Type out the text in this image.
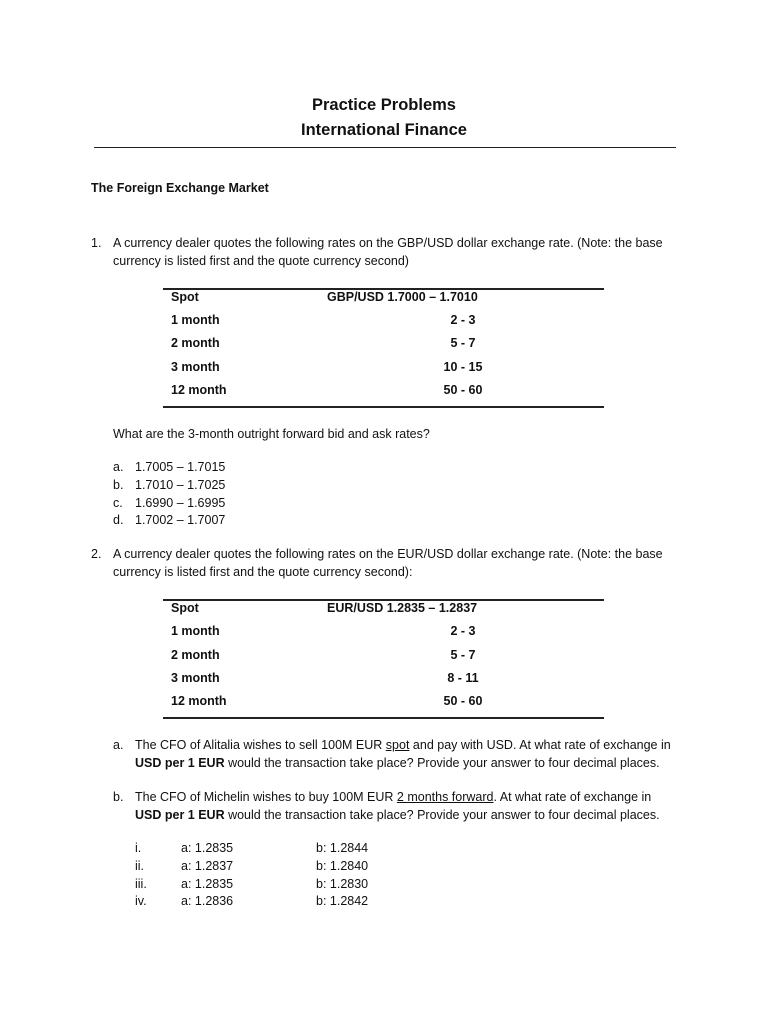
Practice Problems
International Finance
The Foreign Exchange Market
1. A currency dealer quotes the following rates on the GBP/USD dollar exchange rate. (Note: the base
currency is listed first and the quote currency second)
Spot	GBP/USD 1.7000 – 1.7010
1 month	2 - 3
2 month	5 - 7
3 month	10 - 15
12 month	50 - 60
What are the 3-month outright forward bid and ask rates?
a. 1.7005 – 1.7015
b. 1.7010 – 1.7025
c. 1.6990 – 1.6995
d. 1.7002 – 1.7007
2. A currency dealer quotes the following rates on the EUR/USD dollar exchange rate. (Note: the base
currency is listed first and the quote currency second):
Spot	EUR/USD 1.2835 – 1.2837
1 month	2 - 3
2 month	5 - 7
3 month	8 - 11
12 month	50 - 60
a. The CFO of Alitalia wishes to sell 100M EUR spot and pay with USD. At what rate of exchange in
USD per 1 EUR would the transaction take place? Provide your answer to four decimal places.
b. The CFO of Michelin wishes to buy 100M EUR 2 months forward. At what rate of exchange in
USD per 1 EUR would the transaction take place? Provide your answer to four decimal places.
i.	a: 1.2835	b: 1.2844
ii.	a: 1.2837	b: 1.2840
iii.	a: 1.2835	b: 1.2830
iv.	a: 1.2836	b: 1.2842
